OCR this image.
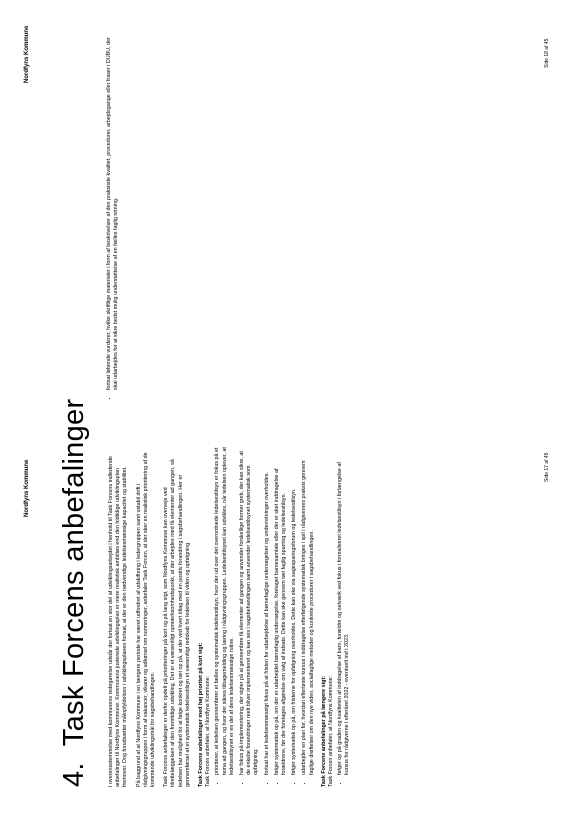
Nordfyns Kommune
4.Task Forcens anbefalinger	I overensstemmelse med kommunens redegørelse udstår der fortsat en stor del af udviklingsarbejdet i henhold til Task Forcens indledende anbefalinger til Nordfyns Kommune. Kommunens justerede udviklingsplan er mere realistisk ambitiøs end den hidtidige udviklingsplan fremover. Dog forudsætter målopfyldelsen i udviklingsplanen fortsat, at der er den nødvendige ledelsesmæssige kapacitet og stabilitet. På baggrund af at Nordfyns Kommune i en længere periode har været udfordret af udskiftning i ledergruppen samt ustabil drift i rådgivningsgruppen i form af vakancer, vikarer og udkørsel om normeringer, anbefaler Task Forcen, at der sker en realistisk prioritering af de kommende udviklingsmål for sagsbehandlingen. Task Forcens anbefalinger er derfor opdelt på prioriteringer på kort og på lang sigt, som Nordfyns Kommune kan overveje ved tilrettelæggelsen af den fremtidige udvikling. Det er et væsentligt opmærksomhedspunkt, at der arbejdes med få elementer ad gangen, så ledelsen har mulighed for at følge konkret og tæt op på, at der ved hvert tiltag med en positiv forandring i sagsbehandlingen. Her er gennemførsel af et systematisk ledelsestilsyn et væsentligt redskab for ledelsen til viden og opfølgning. Task Forcens anbefalinger med høj prioritet på kort sigt: Task Forcen anbefaler, at Nordfyns Kommune: • prioriterer, at ledelsen gennemfører et fælles og systematisk ledelsestilsyn, hvor der ud over det overordnede ledelsestilsyn er fokus på et tema ad gangen, og hvor der sikres tilbagemelding og læring i rådgivningsgruppen. Ledelsestilsynet kan udvikles, når ledelsen oplever, at ledelsestilsynet er en del af dens ledelsesmæssige rutine. • har fokus på implementering, der sigter på at gennemføre få elementer ad gangen og anvender forskellige former greb, der kan sikre, at de enkelte forandringer reelt bliver implementeret og kan ses i sagsbehandlingen samt anvender ledelsestilsynet systematisk som opfølgning. • fortsat har et ledelsesmæssigt fokus på at fristen for udarbejdelse af børnefaglige undersøgelser og underretninger overholdes. • følger systematisk op på, om der er udarbejdet børnefaglig undersøgelse, foretaget barnesamtale eller der er sket inddragelse af forældrene, før der foretages afgørelse om valg af indsats. Dette kan ske gennem tæt faglig sparring og ledelsestilsyn. • følger systematisk op på, om fristerne for opfølgning overholdes. Dette kan ske via sagesparingsforum og ledelsestilsyn. • udarbejder en plan for, hvordan efterløste kursus i inddragelse efterfølgende systematisk bringes i spil i rådgivernes praksis gennem faglige drøftelser om den nye viden, socialfaglige metoder og konkrete procedurer i sagsbehandlingen. Task Forcens anbefalinger på længere sigt: Task Forcen anbefaler, at Nordfyns Kommune: • følger op på graden og kvaliteten af inddragelse af barn, forældre og netværk ved fokus i formaliseret ledelsestilsyn i forlængelse af kursus for rådgiverne i efteråret 2022 - eventuelt ind i 2023.
Side 17 af 45
Nordfyns Kommune	• fortsat løbende vurderer, hvilke skriftlige materialer i form af beskrivelser af den praksisde kvalitet, procedurer, arbejdsgange eller fraser i DUBU, der skal udarbejdes for at sikre bedst mulig understøttelse af en fælles faglig retning.
Side 18 af 45
